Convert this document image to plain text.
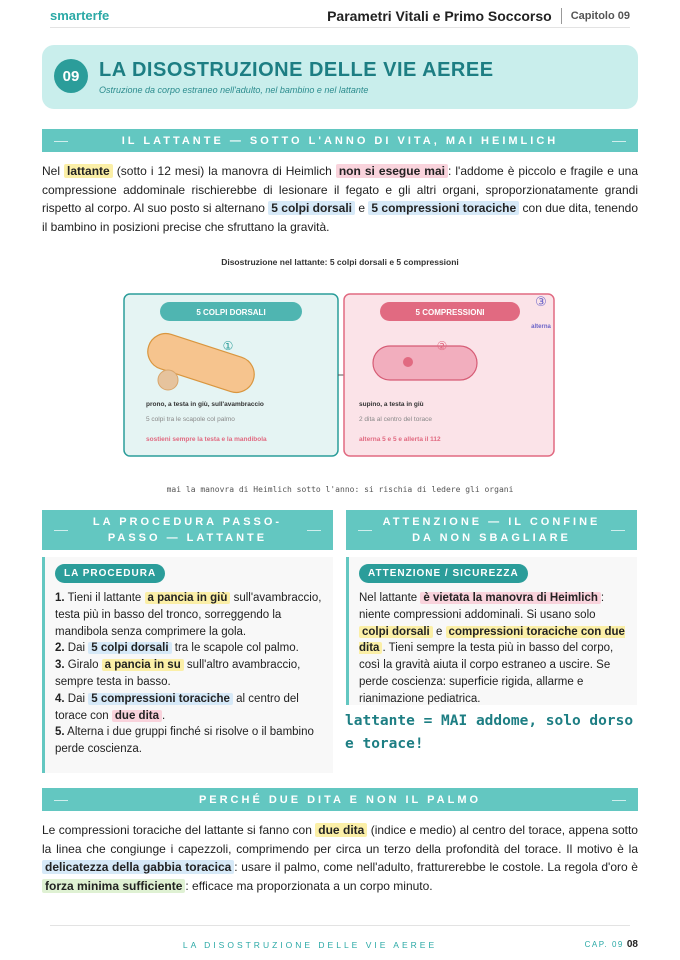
smarterfe	Parametri Vitali e Primo Soccorso Capitolo 09
09 LA DISOSTRUZIONE DELLE VIE AEREE
Ostruzione da corpo estraneo nell'adulto, nel bambino e nel lattante
IL LATTANTE — SOTTO L'ANNO DI VITA, MAI HEIMLICH
Nel lattante (sotto i 12 mesi) la manovra di Heimlich non si esegue mai : l'addome è piccolo e fragile e una compressione addominale rischierebbe di lesionare il fegato e gli altri organi, sproporzionatamente grandi rispetto al corpo. Al suo posto si alternano 5 colpi dorsali e 5 compressioni toraciche con due dita, tenendo il bambino in posizioni precise che sfruttano la gravità.
Disostruzione nel lattante: 5 colpi dorsali e 5 compressioni
5 COLPI DORSALI
①
prono, a testa in giù, sull'avambraccio
5 colpi tra le scapole col palmo
sostieni sempre la testa e la mandibola
5 COMPRESSIONI
③
alterna
②
supino, a testa in giù
2 dita al centro del torace
alterna 5 e 5 e allerta il 112
mai la manovra di Heimlich sotto l'anno: si rischia di ledere gli organi
LA PROCEDURA PASSO-PASSO — LATTANTE
ATTENZIONE — IL CONFINE DA NON SBAGLIARE
LA PROCEDURA
1. Tieni il lattante a pancia in giù sull'avambraccio, testa più in basso del tronco, sorreggendo la mandibola senza comprimere la gola.
2. Dai 5 colpi dorsali tra le scapole col palmo.
3. Giralo a pancia in su sull'altro avambraccio, sempre testa in basso.
4. Dai 5 compressioni toraciche al centro del torace con due dita .
5. Alterna i due gruppi finché si risolve o il bambino perde coscienza.
ATTENZIONE / SICUREZZA
Nel lattante è vietata la manovra di Heimlich : niente compressioni addominali. Si usano solo colpi dorsali e compressioni toraciche con due dita . Tieni sempre la testa più in basso del corpo, così la gravità aiuta il corpo estraneo a uscire. Se perde coscienza: superficie rigida, allarme e rianimazione pediatrica.
lattante = MAI addome, solo dorso e torace!
PERCHÉ DUE DITA E NON IL PALMO
Le compressioni toraciche del lattante si fanno con due dita (indice e medio) al centro del torace, appena sotto la linea che congiunge i capezzoli, comprimendo per circa un terzo della profondità del torace. Il motivo è la delicatezza della gabbia toracica : usare il palmo, come nell'adulto, fratturerebbe le costole. La regola d'oro è forza minima sufficiente : efficace ma proporzionata a un corpo minuto.
LA DISOSTRUZIONE DELLE VIE AEREE	CAP. 09 08
